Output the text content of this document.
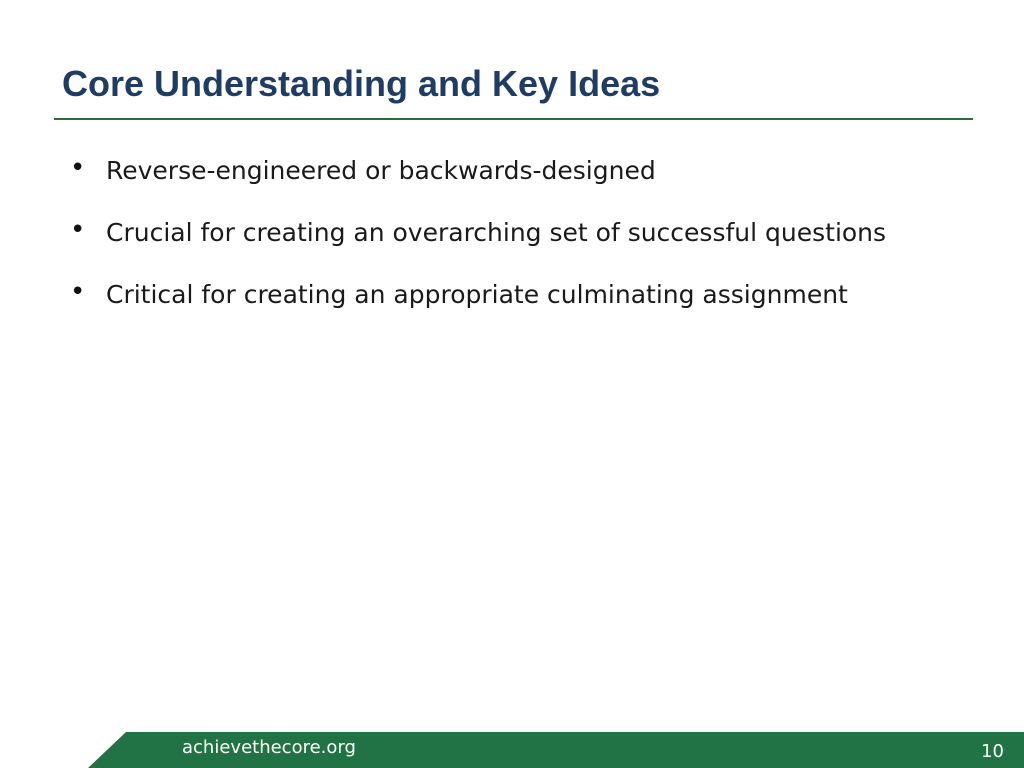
Core Understanding and Key Ideas
• Reverse-engineered or backwards-designed
• Crucial for creating an overarching set of successful questions
• Critical for creating an appropriate culminating assignment
achievethecore.org	10
